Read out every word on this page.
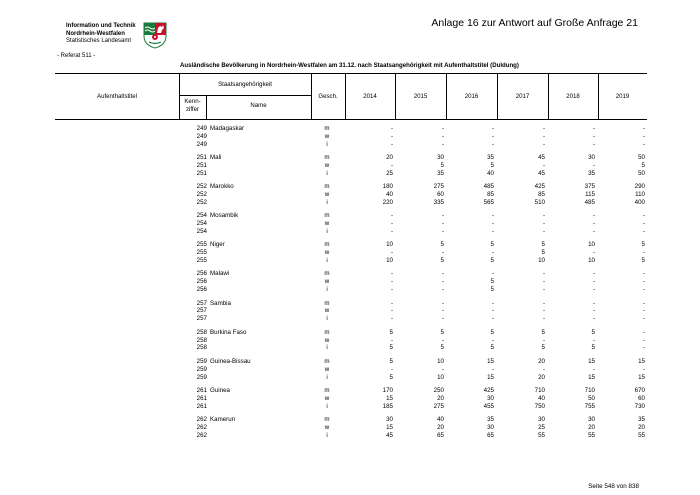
Information und Technik
Nordrhein-Westfalen
Statistisches Landesamt
Anlage 16 zur Antwort auf Große Anfrage 21
- Referat 511 -
Ausländische Bevölkerung in Nordrhein-Westfalen am 31.12. nach Staatsangehörigkeit mit Aufenthaltstitel (Duldung)
Aufenthaltstitel
Staatsangehörigkeit
Kenn-
ziffer
Name
Gesch.	2014	2015	2016	2017	2018	2019
249 Madagaskar	m	-	-	-	-	-	-
249	w	-	-	-	-	-	-
249	i	-	-	-	-	-	-
251 Mali	m	20	30	35	45	30	50
251	w	-	5	5	-	-	5
251	i	25	35	40	45	35	50
252 Marokko	m	180	275	485	425	375	290
252	w	40	60	85	85	115	110
252	i	220	335	565	510	485	400
254 Mosambik	m	-	-	-	-	-	-
254	w	-	-	-	-	-	-
254	i	-	-	-	-	-	-
255 Niger	m	10	5	5	5	10	5
255	w	-	-	-	5	-	-
255	i	10	5	5	10	10	5
256 Malawi	m	-	-	-	-	-	-
256	w	-	-	5	-	-	-
256	i	-	-	5	-	-	-
257 Sambia	m	-	-	-	-	-	-
257	w	-	-	-	-	-	-
257	i	-	-	-	-	-	-
258 Burkina Faso	m	5	5	5	5	5	-
258	w	-	-	-	-	-	-
258	i	5	5	5	5	5	-
259 Guinea-Bissau	m	5	10	15	20	15	15
259	w	-	-	-	-	-	-
259	i	5	10	15	20	15	15
261 Guinea	m	170	250	425	710	710	670
261	w	15	20	30	40	50	60
261	i	185	275	455	750	755	730
262 Kamerun	m	30	40	35	30	30	35
262	w	15	20	30	25	20	20
262	i	45	65	65	55	55	55
Seite 548 von 838
